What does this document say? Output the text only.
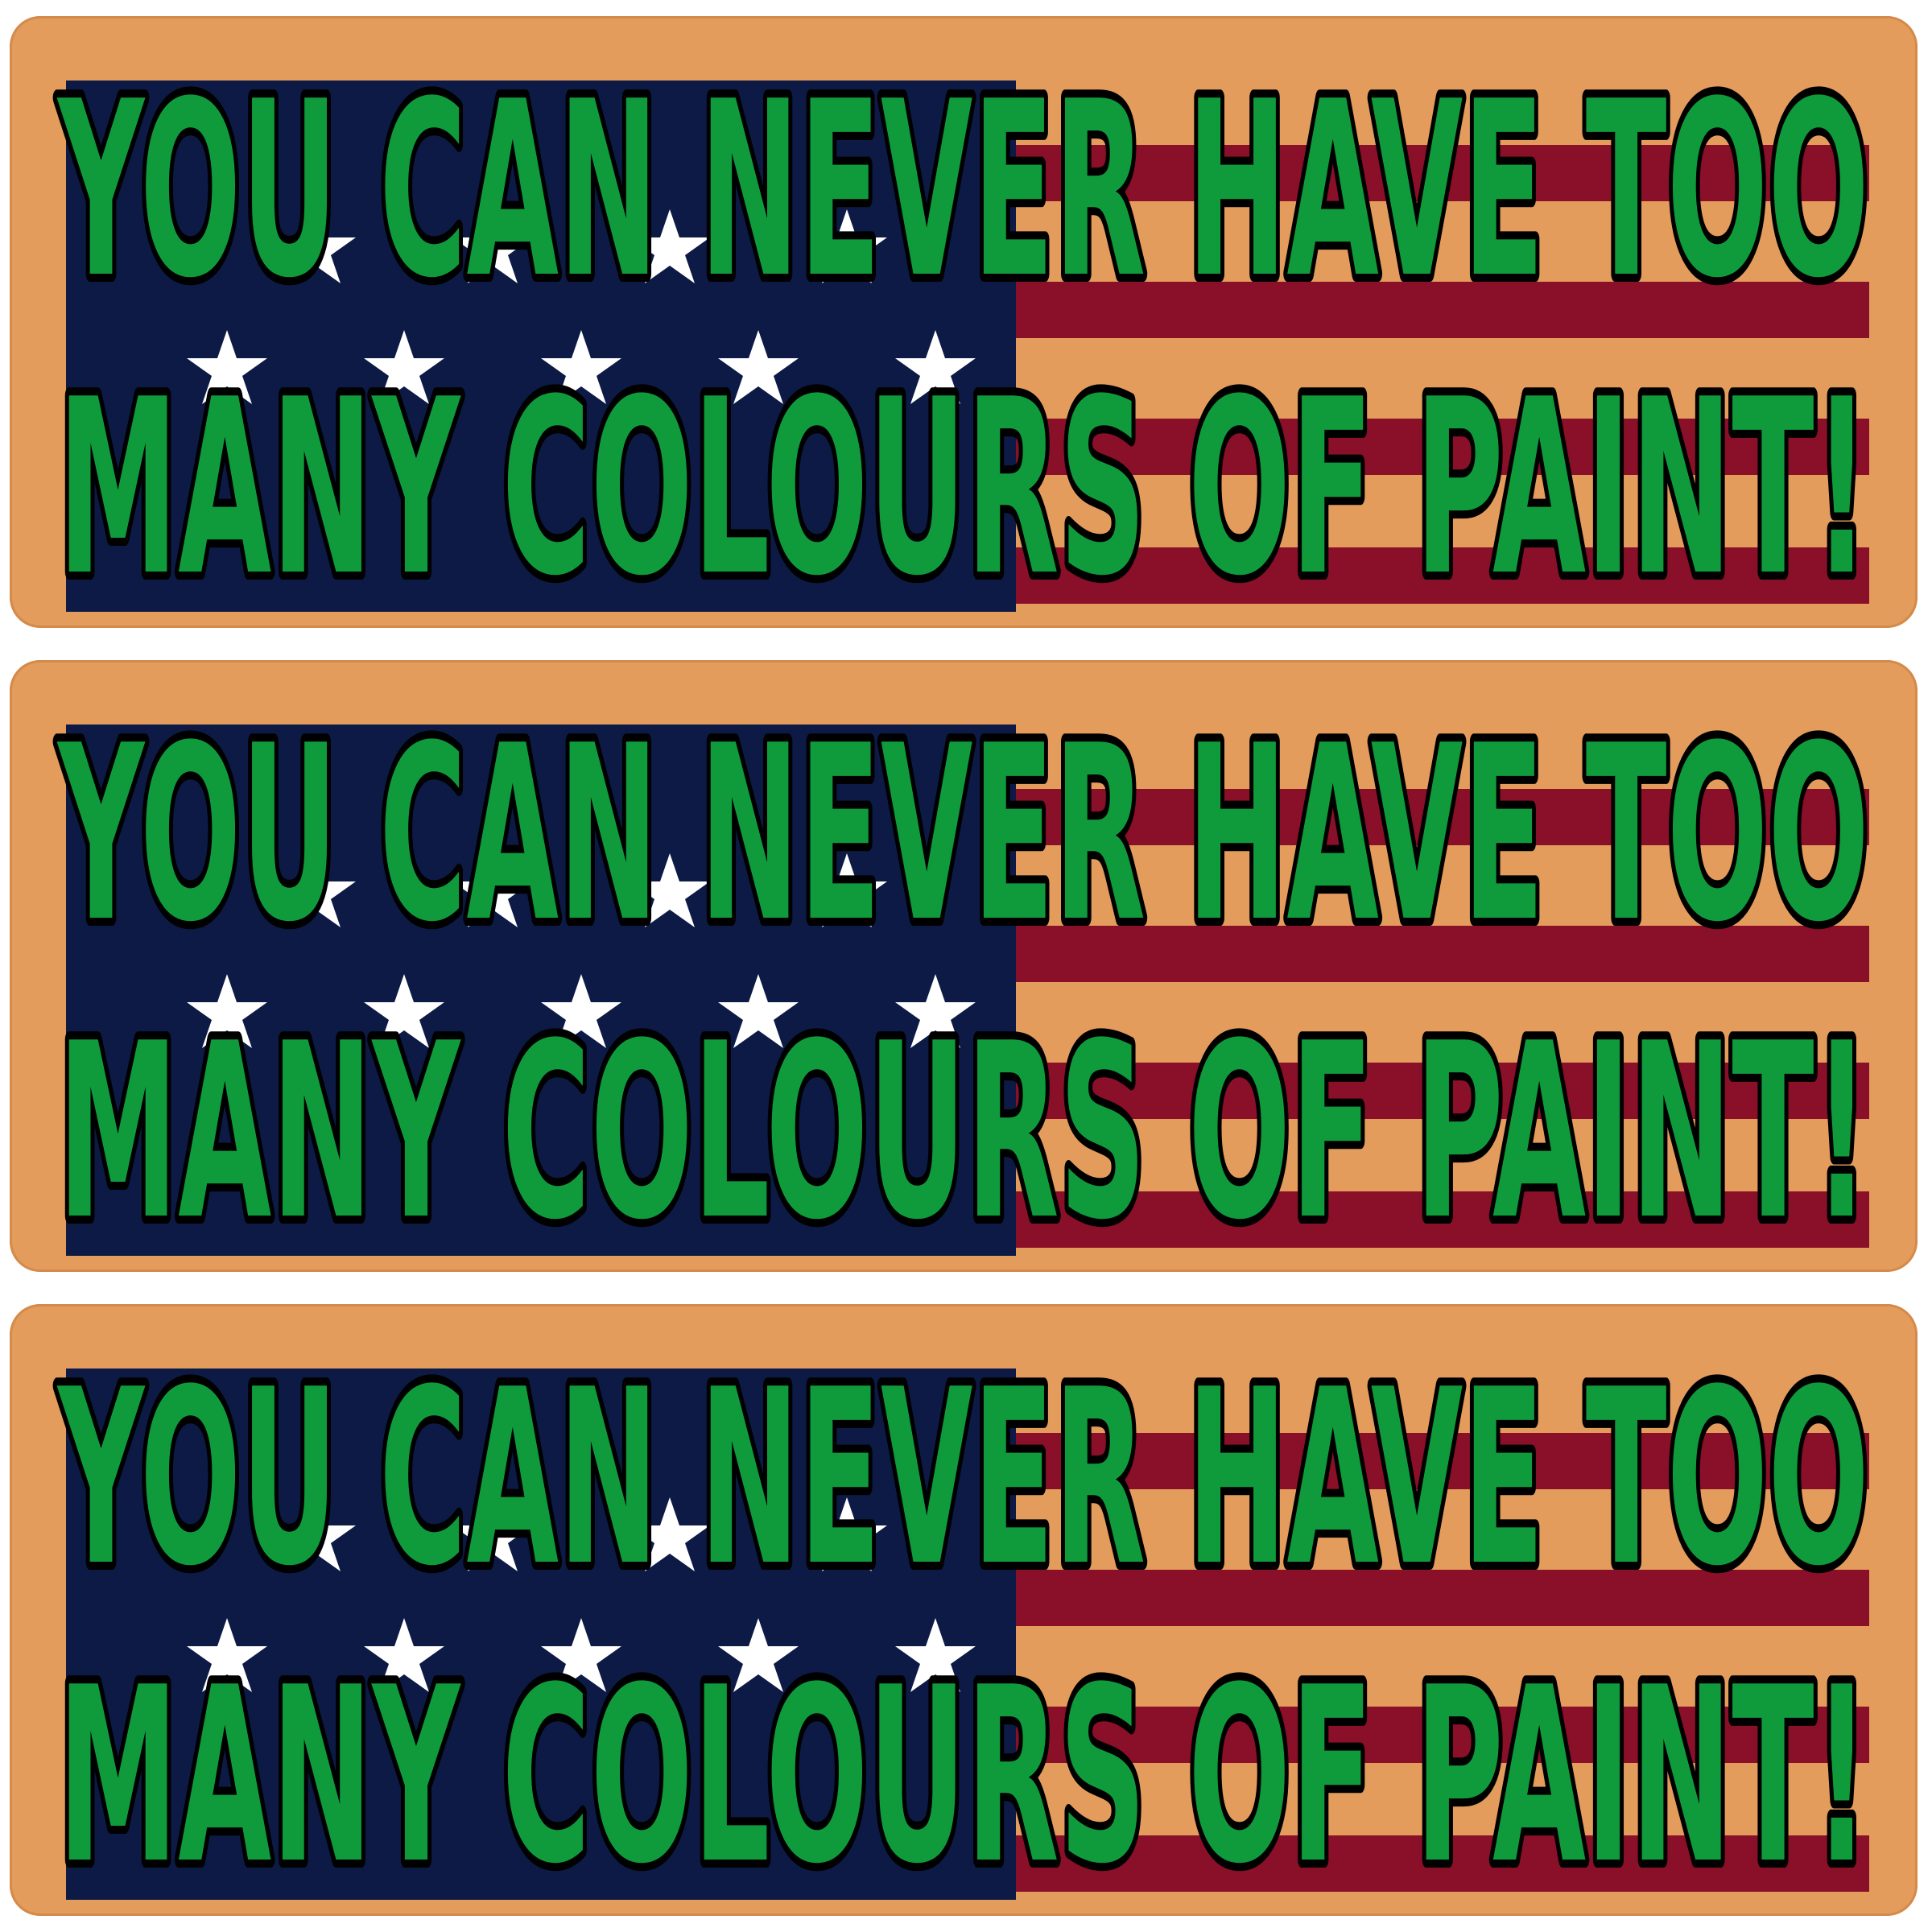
YOU CAN NEVER HAVE TOO
MANY COLOURS OF PAINT!
YOU CAN NEVER HAVE TOO
MANY COLOURS OF PAINT!
YOU CAN NEVER HAVE TOO
MANY COLOURS OF PAINT!
